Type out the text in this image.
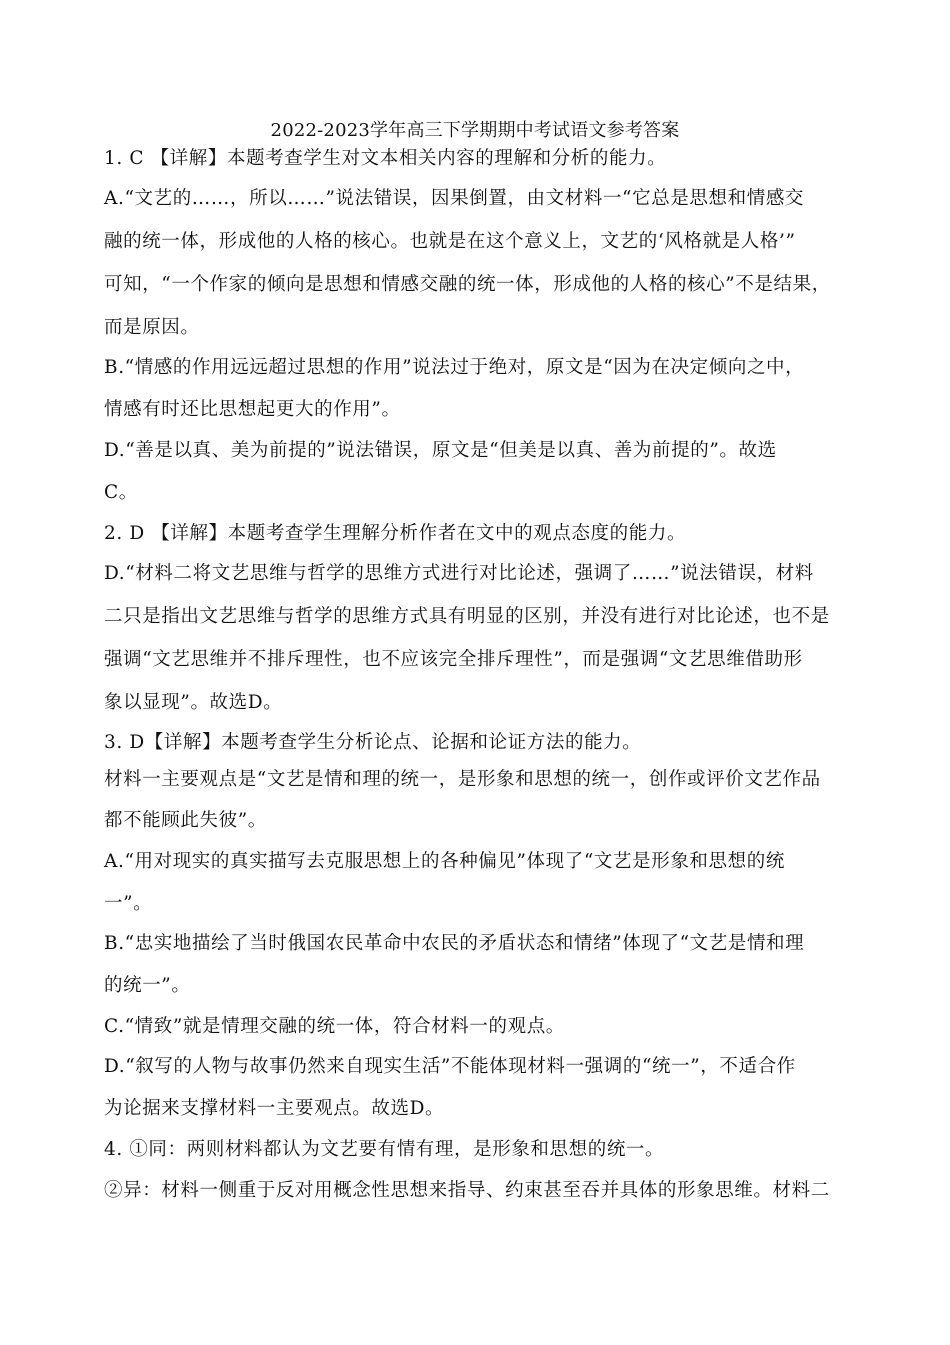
2022-2023学年高三下学期期中考试语文参考答案
1. C 【详解】本题考查学生对文本相关内容的理解和分析的能力。
A.“文艺的……，所以……”说法错误，因果倒置，由文材料一“它总是思想和情感交
融的统一体，形成他的人格的核心。也就是在这个意义上，文艺的‘风格就是人格’”
可知，“一个作家的倾向是思想和情感交融的统一体，形成他的人格的核心”不是结果，
而是原因。
B.“情感的作用远远超过思想的作用”说法过于绝对，原文是“因为在决定倾向之中，
情感有时还比思想起更大的作用”。
D.“善是以真、美为前提的”说法错误，原文是“但美是以真、善为前提的”。故选
C。
2. D 【详解】本题考查学生理解分析作者在文中的观点态度的能力。
D.“材料二将文艺思维与哲学的思维方式进行对比论述，强调了……”说法错误，材料
二只是指出文艺思维与哲学的思维方式具有明显的区别，并没有进行对比论述，也不是
强调“文艺思维并不排斥理性，也不应该完全排斥理性”，而是强调“文艺思维借助形
象以显现”。故选D。
3. D【详解】本题考查学生分析论点、论据和论证方法的能力。
材料一主要观点是“文艺是情和理的统一，是形象和思想的统一，创作或评价文艺作品
都不能顾此失彼”。
A.“用对现实的真实描写去克服思想上的各种偏见”体现了“文艺是形象和思想的统
一”。
B.“忠实地描绘了当时俄国农民革命中农民的矛盾状态和情绪”体现了“文艺是情和理
的统一”。
C.“情致”就是情理交融的统一体，符合材料一的观点。
D.“叙写的人物与故事仍然来自现实生活”不能体现材料一强调的“统一”，不适合作
为论据来支撑材料一主要观点。故选D。
4. ①同：两则材料都认为文艺要有情有理，是形象和思想的统一。
②异：材料一侧重于反对用概念性思想来指导、约束甚至吞并具体的形象思维。材料二
